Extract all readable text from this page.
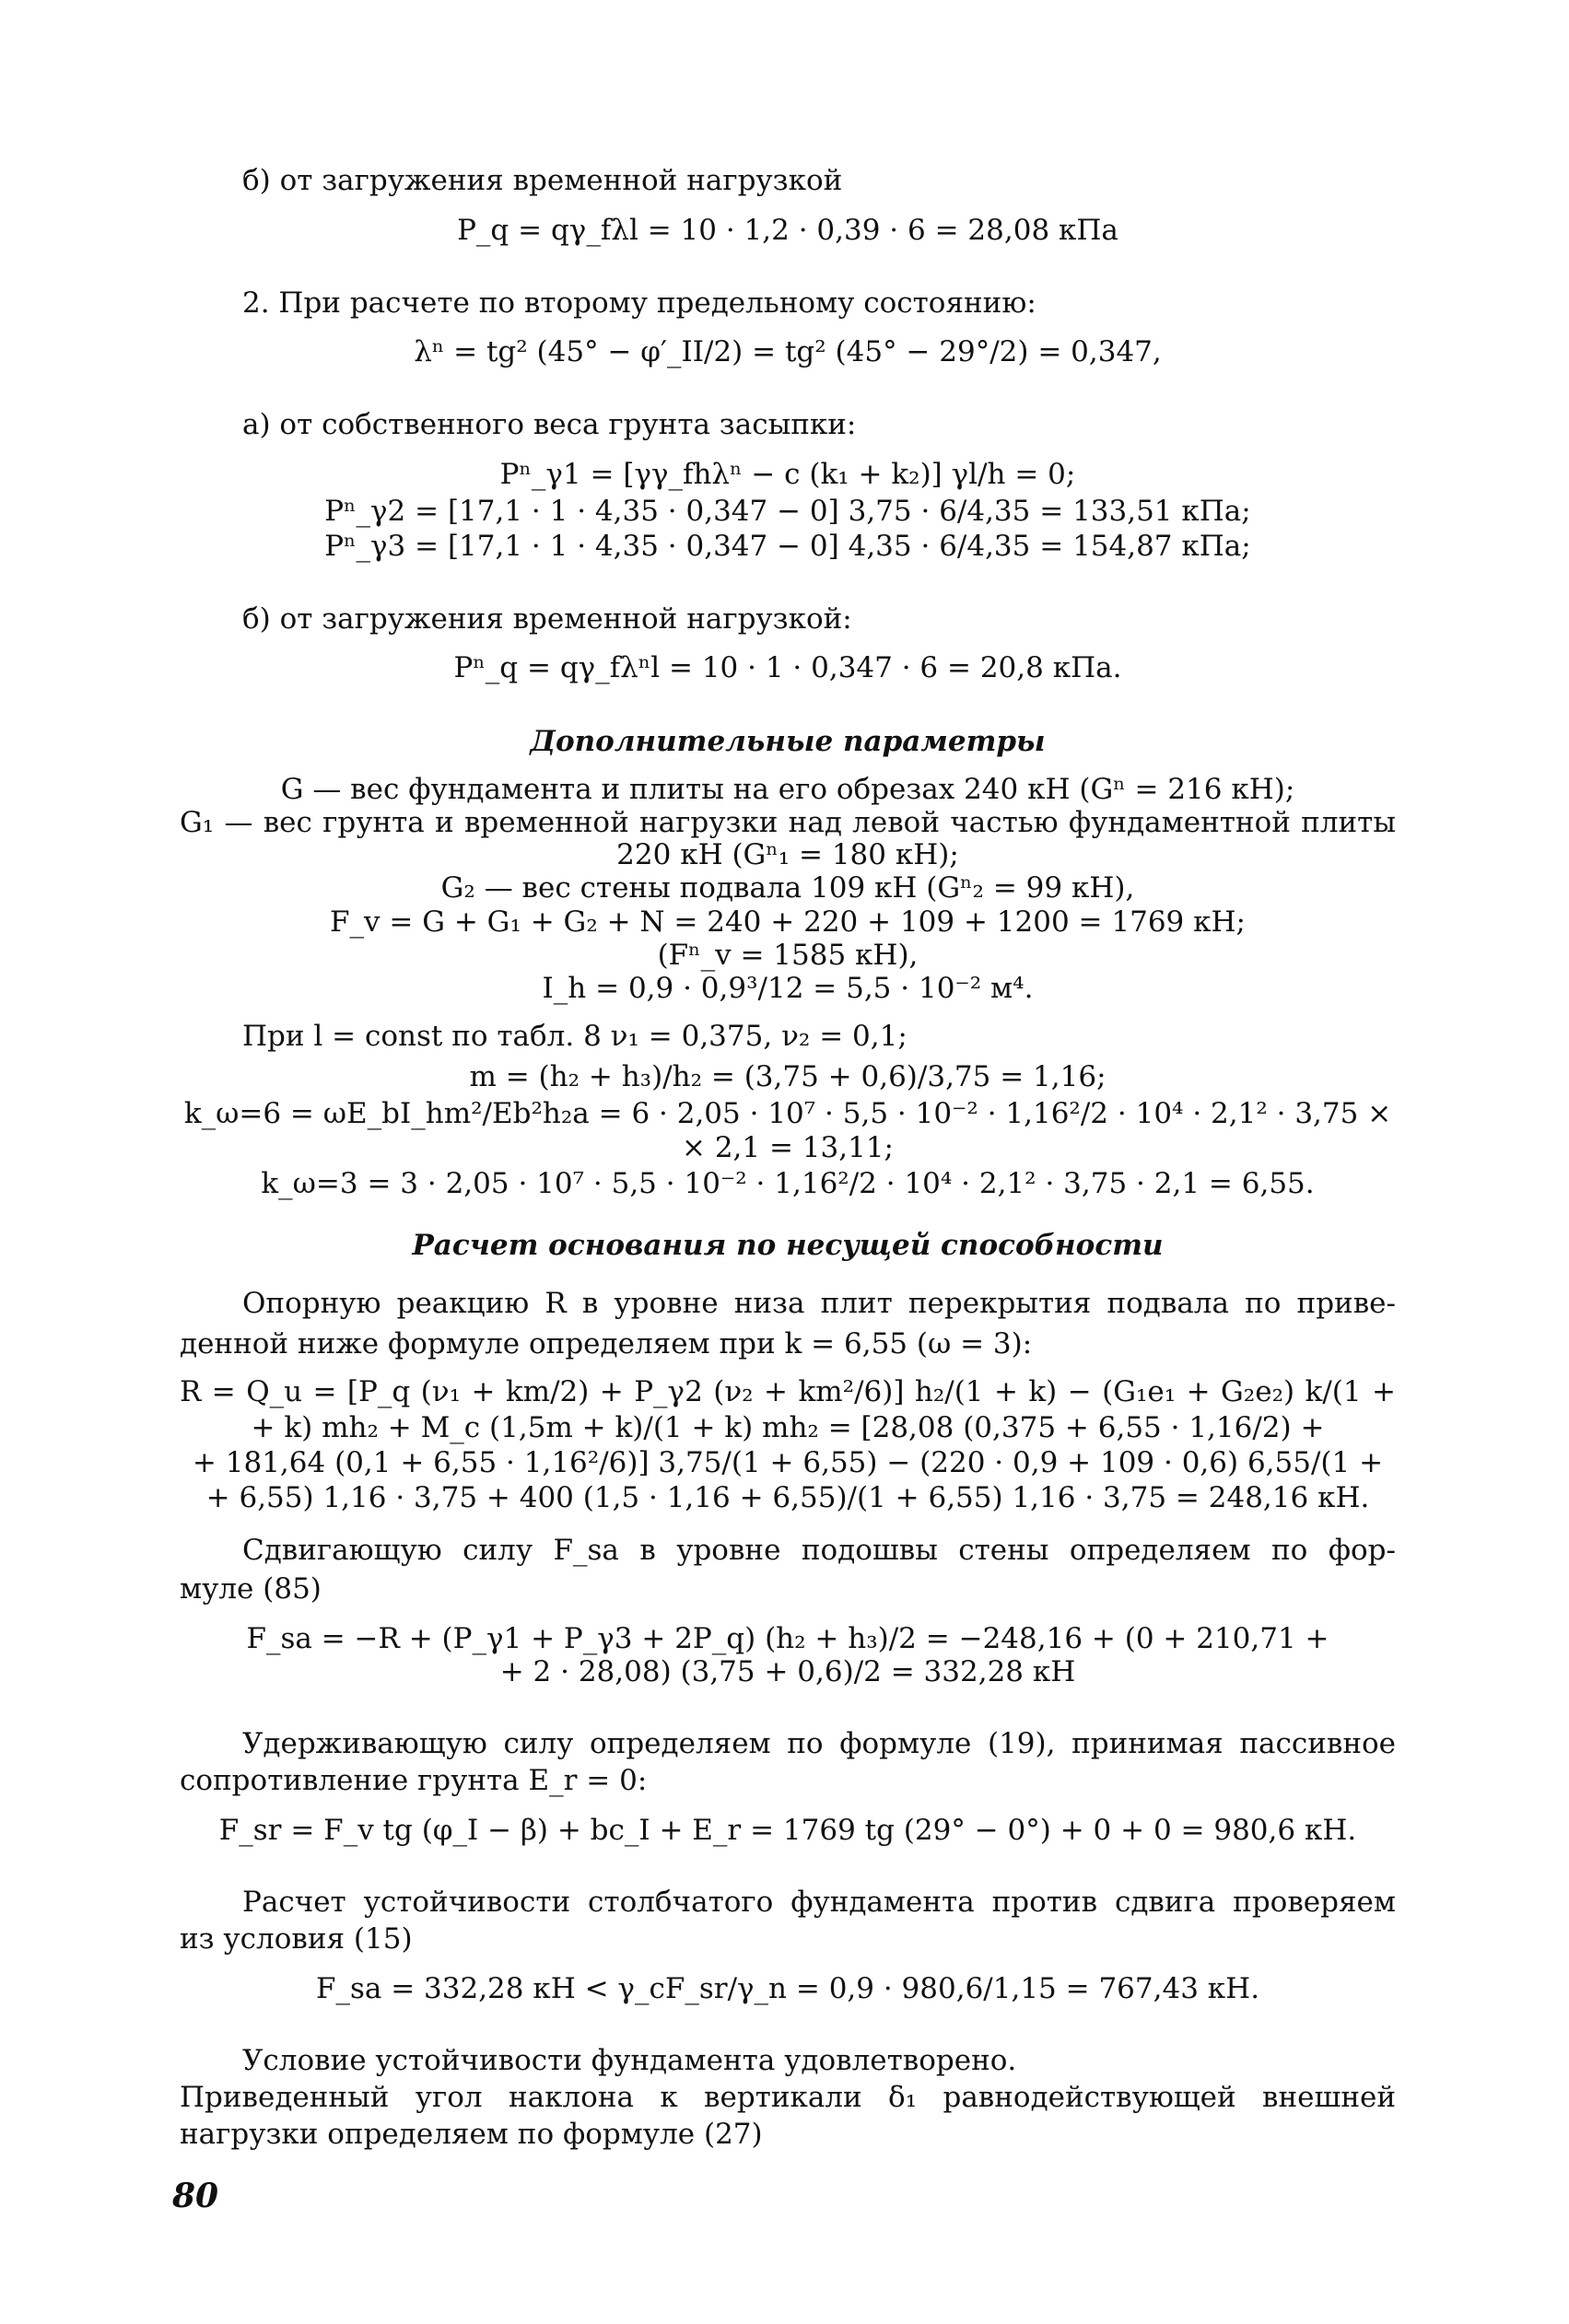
б) от загружения временной нагрузкой
P_q = qγ_fλl = 10 · 1,2 · 0,39 · 6 = 28,08 кПа
2. При расчете по второму предельному состоянию:
λⁿ = tg² (45° − φ′_II/2) = tg² (45° − 29°/2) = 0,347,
а) от собственного веса грунта засыпки:
Pⁿ_γ1 = [γγ_fhλⁿ − c (k₁ + k₂)] γl/h = 0;
Pⁿ_γ2 = [17,1 · 1 · 4,35 · 0,347 − 0] 3,75 · 6/4,35 = 133,51 кПа;
Pⁿ_γ3 = [17,1 · 1 · 4,35 · 0,347 − 0] 4,35 · 6/4,35 = 154,87 кПа;
б) от загружения временной нагрузкой:
Pⁿ_q = qγ_fλⁿl = 10 · 1 · 0,347 · 6 = 20,8 кПа.
Дополнительные параметры
G — вес фундамента и плиты на его обрезах 240 кН (Gⁿ = 216 кН);
G₁ — вес грунта и временной нагрузки над левой частью фундаментной плиты
220 кН (Gⁿ₁ = 180 кН);
G₂ — вес стены подвала 109 кН (Gⁿ₂ = 99 кН),
F_v = G + G₁ + G₂ + N = 240 + 220 + 109 + 1200 = 1769 кН;
(Fⁿ_v = 1585 кН),
I_h = 0,9 · 0,9³/12 = 5,5 · 10⁻² м⁴.
При l = const по табл. 8 ν₁ = 0,375, ν₂ = 0,1;
m = (h₂ + h₃)/h₂ = (3,75 + 0,6)/3,75 = 1,16;
k_ω=6 = ωE_bI_hm²/Eb²h₂a = 6 · 2,05 · 10⁷ · 5,5 · 10⁻² · 1,16²/2 · 10⁴ · 2,1² · 3,75 ×
× 2,1 = 13,11;
k_ω=3 = 3 · 2,05 · 10⁷ · 5,5 · 10⁻² · 1,16²/2 · 10⁴ · 2,1² · 3,75 · 2,1 = 6,55.
Расчет основания по несущей способности
Опорную реакцию R в уровне низа плит перекрытия подвала по приве-
денной ниже формуле определяем при k = 6,55 (ω = 3):
R = Q_u = [P_q (ν₁ + km/2) + P_γ2 (ν₂ + km²/6)] h₂/(1 + k) − (G₁e₁ + G₂e₂) k/(1 +
+ k) mh₂ + M_c (1,5m + k)/(1 + k) mh₂ = [28,08 (0,375 + 6,55 · 1,16/2) +
+ 181,64 (0,1 + 6,55 · 1,16²/6)] 3,75/(1 + 6,55) − (220 · 0,9 + 109 · 0,6) 6,55/(1 +
+ 6,55) 1,16 · 3,75 + 400 (1,5 · 1,16 + 6,55)/(1 + 6,55) 1,16 · 3,75 = 248,16 кН.
Сдвигающую силу F_sa в уровне подошвы стены определяем по фор-
муле (85)
F_sa = −R + (P_γ1 + P_γ3 + 2P_q) (h₂ + h₃)/2 = −248,16 + (0 + 210,71 +
+ 2 · 28,08) (3,75 + 0,6)/2 = 332,28 кН
Удерживающую силу определяем по формуле (19), принимая пассивное
сопротивление грунта E_r = 0:
F_sr = F_v tg (φ_I − β) + bc_I + E_r = 1769 tg (29° − 0°) + 0 + 0 = 980,6 кН.
Расчет устойчивости столбчатого фундамента против сдвига проверяем
из условия (15)
F_sa = 332,28 кН < γ_cF_sr/γ_n = 0,9 · 980,6/1,15 = 767,43 кН.
Условие устойчивости фундамента удовлетворено.
Приведенный угол наклона к вертикали δ₁ равнодействующей внешней
нагрузки определяем по формуле (27)
80
